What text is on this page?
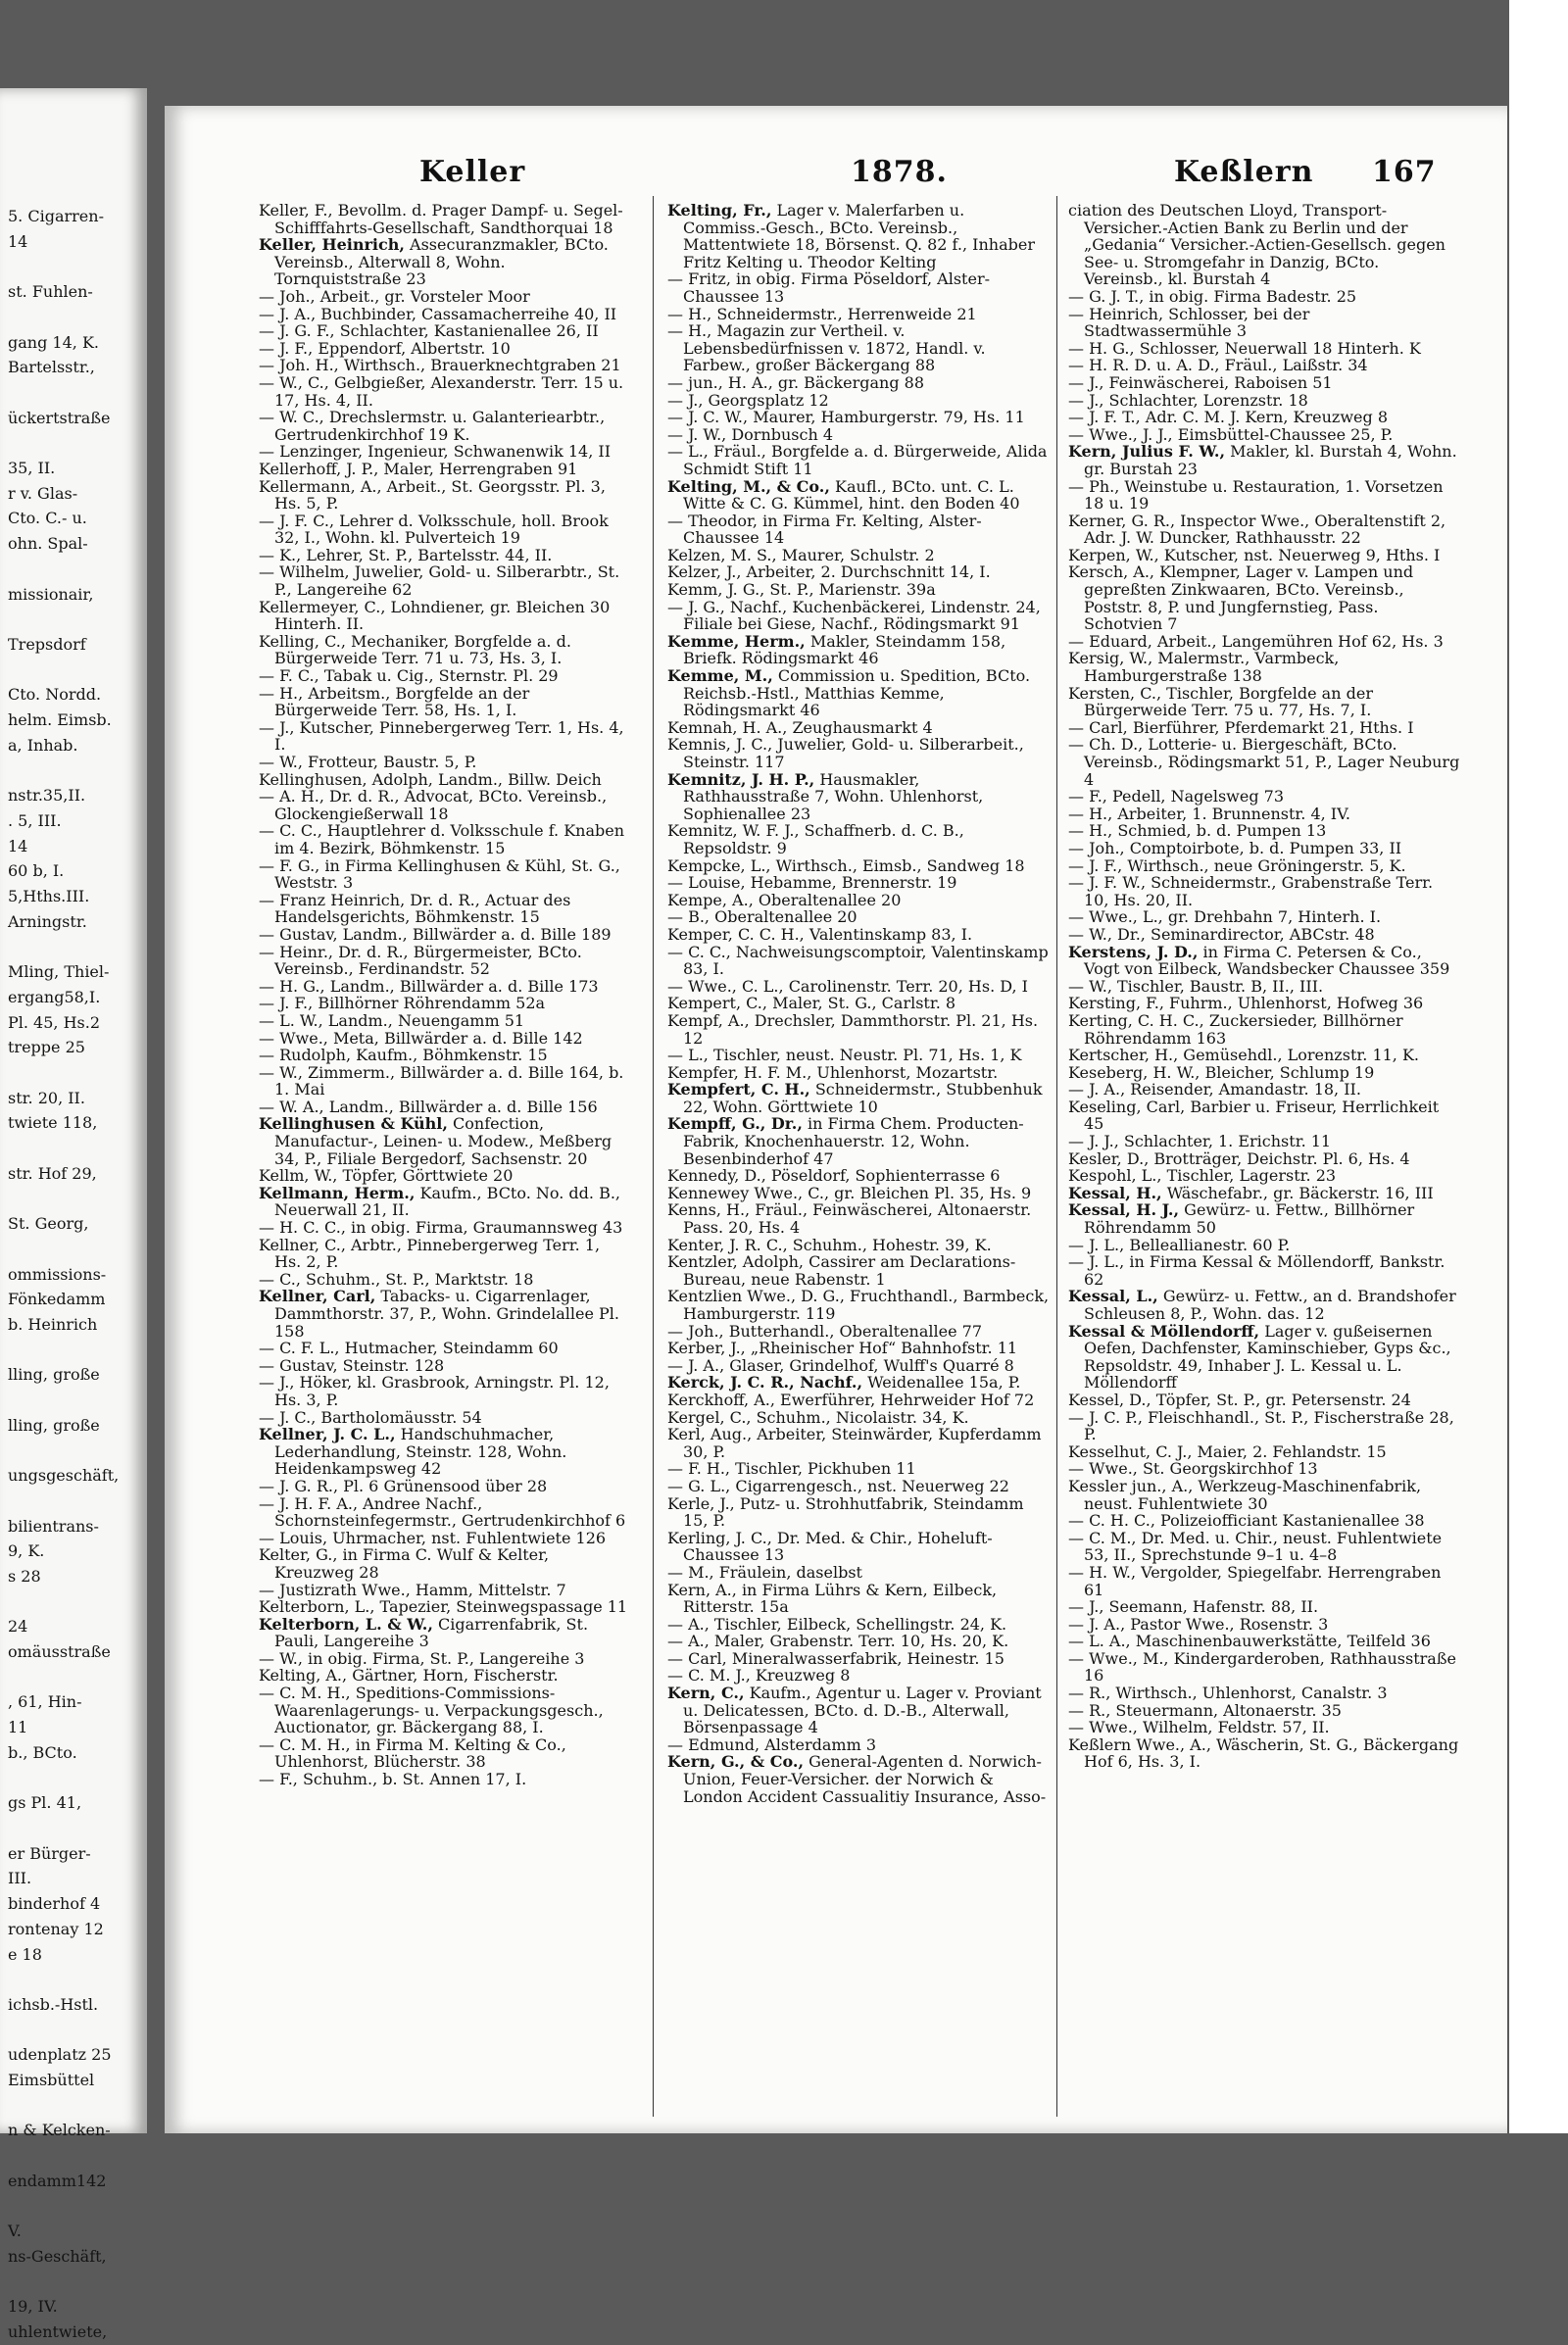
5. Cigarren-
14

st. Fuhlen-

gang 14, K.
Bartelsstr.,

ückertstraße

35, II.
r v. Glas-
Cto. C.- u.
ohn. Spal-

missionair,

Trepsdorf

Cto. Nordd.
helm. Eimsb.
a, Inhab.

nstr.35,II.
. 5, III.
14
60 b, I.
5,Hths.III.
Arningstr.

Mling, Thiel-
ergang58,I.
Pl. 45, Hs.2
treppe 25

str. 20, II.
twiete 118,

str. Hof 29,

St. Georg,

ommissions-
Fönkedamm
b. Heinrich

lling, große

lling, große

ungsgeschäft,

bilientrans-
9, K.
s 28

24
omäusstraße

, 61, Hin-
11
b., BCto.

gs Pl. 41,

er Bürger-
III.
binderhof 4
rontenay 12
e 18

ichsb.-Hstl.

udenplatz 25
Eimsbüttel

n & Kelcken-

endamm142

V.
ns-Geschäft,

19, IV.
uhlentwiete,
Keller	1878.	Keßlern 167

Keller, F., Bevollm. d. Prager Dampf- u. Segel-Schifffahrts-Gesellschaft, Sandthorquai 18

Keller, Heinrich, Assecuranzmakler, BCto. Vereinsb., Alterwall 8, Wohn. Tornquiststraße 23

— Joh., Arbeit., gr. Vorsteler Moor

— J. A., Buchbinder, Cassamacherreihe 40, II

— J. G. F., Schlachter, Kastanienallee 26, II

— J. F., Eppendorf, Albertstr. 10

— Joh. H., Wirthsch., Brauerknechtgraben 21

— W., C., Gelbgießer, Alexanderstr. Terr. 15 u. 17, Hs. 4, II.

— W. C., Drechslermstr. u. Galanteriearbtr., Gertrudenkirchhof 19 K.

— Lenzinger, Ingenieur, Schwanenwik 14, II

Kellerhoff, J. P., Maler, Herrengraben 91

Kellermann, A., Arbeit., St. Georgsstr. Pl. 3, Hs. 5, P.

— J. F. C., Lehrer d. Volksschule, holl. Brook 32, I., Wohn. kl. Pulverteich 19

— K., Lehrer, St. P., Bartelsstr. 44, II.

— Wilhelm, Juwelier, Gold- u. Silberarbtr., St. P., Langereihe 62

Kellermeyer, C., Lohndiener, gr. Bleichen 30 Hinterh. II.

Kelling, C., Mechaniker, Borgfelde a. d. Bürgerweide Terr. 71 u. 73, Hs. 3, I.

— F. C., Tabak u. Cig., Sternstr. Pl. 29

— H., Arbeitsm., Borgfelde an der Bürgerweide Terr. 58, Hs. 1, I.

— J., Kutscher, Pinnebergerweg Terr. 1, Hs. 4, I.

— W., Frotteur, Baustr. 5, P.

Kellinghusen, Adolph, Landm., Billw. Deich

— A. H., Dr. d. R., Advocat, BCto. Vereinsb., Glockengießerwall 18

— C. C., Hauptlehrer d. Volksschule f. Knaben im 4. Bezirk, Böhmkenstr. 15

— F. G., in Firma Kellinghusen & Kühl, St. G., Weststr. 3

— Franz Heinrich, Dr. d. R., Actuar des Handelsgerichts, Böhmkenstr. 15

— Gustav, Landm., Billwärder a. d. Bille 189

— Heinr., Dr. d. R., Bürgermeister, BCto. Vereinsb., Ferdinandstr. 52

— H. G., Landm., Billwärder a. d. Bille 173

— J. F., Billhörner Röhrendamm 52a

— L. W., Landm., Neuengamm 51

— Wwe., Meta, Billwärder a. d. Bille 142

— Rudolph, Kaufm., Böhmkenstr. 15

— W., Zimmerm., Billwärder a. d. Bille 164, b. 1. Mai

— W. A., Landm., Billwärder a. d. Bille 156

Kellinghusen & Kühl, Confection, Manufactur-, Leinen- u. Modew., Meßberg 34, P., Filiale Bergedorf, Sachsenstr. 20

Kellm, W., Töpfer, Görttwiete 20

Kellmann, Herm., Kaufm., BCto. No. dd. B., Neuerwall 21, II.

— H. C. C., in obig. Firma, Graumannsweg 43

Kellner, C., Arbtr., Pinnebergerweg Terr. 1, Hs. 2, P.

— C., Schuhm., St. P., Marktstr. 18

Kellner, Carl, Tabacks- u. Cigarrenlager, Dammthorstr. 37, P., Wohn. Grindelallee Pl. 158

— C. F. L., Hutmacher, Steindamm 60

— Gustav, Steinstr. 128

— J., Höker, kl. Grasbrook, Arningstr. Pl. 12, Hs. 3, P.

— J. C., Bartholomäusstr. 54

Kellner, J. C. L., Handschuhmacher, Lederhandlung, Steinstr. 128, Wohn. Heidenkampsweg 42

— J. G. R., Pl. 6 Grünensood über 28

— J. H. F. A., Andree Nachf., Schornsteinfegermstr., Gertrudenkirchhof 6

— Louis, Uhrmacher, nst. Fuhlentwiete 126

Kelter, G., in Firma C. Wulf & Kelter, Kreuzweg 28

— Justizrath Wwe., Hamm, Mittelstr. 7

Kelterborn, L., Tapezier, Steinwegspassage 11

Kelterborn, L. & W., Cigarrenfabrik, St. Pauli, Langereihe 3

— W., in obig. Firma, St. P., Langereihe 3

Kelting, A., Gärtner, Horn, Fischerstr.

— C. M. H., Speditions-Commissions-Waarenlagerungs- u. Verpackungsgesch., Auctionator, gr. Bäckergang 88, I.

— C. M. H., in Firma M. Kelting & Co., Uhlenhorst, Blücherstr. 38

— F., Schuhm., b. St. Annen 17, I.

Kelting, Fr., Lager v. Malerfarben u. Commiss.-Gesch., BCto. Vereinsb., Mattentwiete 18, Börsenst. Q. 82 f., Inhaber Fritz Kelting u. Theodor Kelting

— Fritz, in obig. Firma Pöseldorf, Alster-Chaussee 13

— H., Schneidermstr., Herrenweide 21

— H., Magazin zur Vertheil. v. Lebensbedürfnissen v. 1872, Handl. v. Farbew., großer Bäckergang 88

— jun., H. A., gr. Bäckergang 88

— J., Georgsplatz 12

— J. C. W., Maurer, Hamburgerstr. 79, Hs. 11

— J. W., Dornbusch 4

— L., Fräul., Borgfelde a. d. Bürgerweide, Alida Schmidt Stift 11

Kelting, M., & Co., Kaufl., BCto. unt. C. L. Witte & C. G. Kümmel, hint. den Boden 40

— Theodor, in Firma Fr. Kelting, Alster-Chaussee 14

Kelzen, M. S., Maurer, Schulstr. 2

Kelzer, J., Arbeiter, 2. Durchschnitt 14, I.

Kemm, J. G., St. P., Marienstr. 39a

— J. G., Nachf., Kuchenbäckerei, Lindenstr. 24, Filiale bei Giese, Nachf., Rödingsmarkt 91

Kemme, Herm., Makler, Steindamm 158, Briefk. Rödingsmarkt 46

Kemme, M., Commission u. Spedition, BCto. Reichsb.-Hstl., Matthias Kemme, Rödingsmarkt 46

Kemnah, H. A., Zeughausmarkt 4

Kemnis, J. C., Juwelier, Gold- u. Silberarbeit., Steinstr. 117

Kemnitz, J. H. P., Hausmakler, Rathhausstraße 7, Wohn. Uhlenhorst, Sophienallee 23

Kemnitz, W. F. J., Schaffnerb. d. C. B., Repsoldstr. 9

Kempcke, L., Wirthsch., Eimsb., Sandweg 18

— Louise, Hebamme, Brennerstr. 19

Kempe, A., Oberaltenallee 20

— B., Oberaltenallee 20

Kemper, C. C. H., Valentinskamp 83, I.

— C. C., Nachweisungscomptoir, Valentinskamp 83, I.

— Wwe., C. L., Carolinenstr. Terr. 20, Hs. D, I

Kempert, C., Maler, St. G., Carlstr. 8

Kempf, A., Drechsler, Dammthorstr. Pl. 21, Hs. 12

— L., Tischler, neust. Neustr. Pl. 71, Hs. 1, K

Kempfer, H. F. M., Uhlenhorst, Mozartstr.

Kempfert, C. H., Schneidermstr., Stubbenhuk 22, Wohn. Görttwiete 10

Kempff, G., Dr., in Firma Chem. Producten-Fabrik, Knochenhauerstr. 12, Wohn. Besenbinderhof 47

Kennedy, D., Pöseldorf, Sophienterrasse 6

Kennewey Wwe., C., gr. Bleichen Pl. 35, Hs. 9

Kenns, H., Fräul., Feinwäscherei, Altonaerstr. Pass. 20, Hs. 4

Kenter, J. R. C., Schuhm., Hohestr. 39, K.

Kentzler, Adolph, Cassirer am Declarations-Bureau, neue Rabenstr. 1

Kentzlien Wwe., D. G., Fruchthandl., Barmbeck, Hamburgerstr. 119

— Joh., Butterhandl., Oberaltenallee 77

Kerber, J., „Rheinischer Hof“ Bahnhofstr. 11

— J. A., Glaser, Grindelhof, Wulff's Quarré 8

Kerck, J. C. R., Nachf., Weidenallee 15a, P.

Kerckhoff, A., Ewerführer, Hehrweider Hof 72

Kergel, C., Schuhm., Nicolaistr. 34, K.

Kerl, Aug., Arbeiter, Steinwärder, Kupferdamm 30, P.

— F. H., Tischler, Pickhuben 11

— G. L., Cigarrengesch., nst. Neuerweg 22

Kerle, J., Putz- u. Strohhutfabrik, Steindamm 15, P.

Kerling, J. C., Dr. Med. & Chir., Hoheluft-Chaussee 13

— M., Fräulein, daselbst

Kern, A., in Firma Lührs & Kern, Eilbeck, Ritterstr. 15a

— A., Tischler, Eilbeck, Schellingstr. 24, K.

— A., Maler, Grabenstr. Terr. 10, Hs. 20, K.

— Carl, Mineralwasserfabrik, Heinestr. 15

— C. M. J., Kreuzweg 8

Kern, C., Kaufm., Agentur u. Lager v. Proviant u. Delicatessen, BCto. d. D.-B., Alterwall, Börsenpassage 4

— Edmund, Alsterdamm 3

Kern, G., & Co., General-Agenten d. Norwich-Union, Feuer-Versicher. der Norwich & London Accident Cassualitiy Insurance, Asso-

ciation des Deutschen Lloyd, Transport-Versicher.-Actien Bank zu Berlin und der „Gedania“ Versicher.-Actien-Gesellsch. gegen See- u. Stromgefahr in Danzig, BCto. Vereinsb., kl. Burstah 4

— G. J. T., in obig. Firma Badestr. 25

— Heinrich, Schlosser, bei der Stadtwassermühle 3

— H. G., Schlosser, Neuerwall 18 Hinterh. K

— H. R. D. u. A. D., Fräul., Laißstr. 34

— J., Feinwäscherei, Raboisen 51

— J., Schlachter, Lorenzstr. 18

— J. F. T., Adr. C. M. J. Kern, Kreuzweg 8

— Wwe., J. J., Eimsbüttel-Chaussee 25, P.

Kern, Julius F. W., Makler, kl. Burstah 4, Wohn. gr. Burstah 23

— Ph., Weinstube u. Restauration, 1. Vorsetzen 18 u. 19

Kerner, G. R., Inspector Wwe., Oberaltenstift 2, Adr. J. W. Duncker, Rathhausstr. 22

Kerpen, W., Kutscher, nst. Neuerweg 9, Hths. I

Kersch, A., Klempner, Lager v. Lampen und gepreßten Zinkwaaren, BCto. Vereinsb., Poststr. 8, P. und Jungfernstieg, Pass. Schotvien 7

— Eduard, Arbeit., Langemühren Hof 62, Hs. 3

Kersig, W., Malermstr., Varmbeck, Hamburgerstraße 138

Kersten, C., Tischler, Borgfelde an der Bürgerweide Terr. 75 u. 77, Hs. 7, I.

— Carl, Bierführer, Pferdemarkt 21, Hths. I

— Ch. D., Lotterie- u. Biergeschäft, BCto. Vereinsb., Rödingsmarkt 51, P., Lager Neuburg 4

— F., Pedell, Nagelsweg 73

— H., Arbeiter, 1. Brunnenstr. 4, IV.

— H., Schmied, b. d. Pumpen 13

— Joh., Comptoirbote, b. d. Pumpen 33, II

— J. F., Wirthsch., neue Gröningerstr. 5, K.

— J. F. W., Schneidermstr., Grabenstraße Terr. 10, Hs. 20, II.

— Wwe., L., gr. Drehbahn 7, Hinterh. I.

— W., Dr., Seminardirector, ABCstr. 48

Kerstens, J. D., in Firma C. Petersen & Co., Vogt von Eilbeck, Wandsbecker Chaussee 359

— W., Tischler, Baustr. B, II., III.

Kersting, F., Fuhrm., Uhlenhorst, Hofweg 36

Kerting, C. H. C., Zuckersieder, Billhörner Röhrendamm 163

Kertscher, H., Gemüsehdl., Lorenzstr. 11, K.

Keseberg, H. W., Bleicher, Schlump 19

— J. A., Reisender, Amandastr. 18, II.

Keseling, Carl, Barbier u. Friseur, Herrlichkeit 45

— J. J., Schlachter, 1. Erichstr. 11

Kesler, D., Brotträger, Deichstr. Pl. 6, Hs. 4

Kespohl, L., Tischler, Lagerstr. 23

Kessal, H., Wäschefabr., gr. Bäckerstr. 16, III

Kessal, H. J., Gewürz- u. Fettw., Billhörner Röhrendamm 50

— J. L., Belleallianestr. 60 P.

— J. L., in Firma Kessal & Möllendorff, Bankstr. 62

Kessal, L., Gewürz- u. Fettw., an d. Brandshofer Schleusen 8, P., Wohn. das. 12

Kessal & Möllendorff, Lager v. gußeisernen Oefen, Dachfenster, Kaminschieber, Gyps &c., Repsoldstr. 49, Inhaber J. L. Kessal u. L. Möllendorff

Kessel, D., Töpfer, St. P., gr. Petersenstr. 24

— J. C. P., Fleischhandl., St. P., Fischerstraße 28, P.

Kesselhut, C. J., Maier, 2. Fehlandstr. 15

— Wwe., St. Georgskirchhof 13

Kessler jun., A., Werkzeug-Maschinenfabrik, neust. Fuhlentwiete 30

— C. H. C., Polizeiofficiant Kastanienallee 38

— C. M., Dr. Med. u. Chir., neust. Fuhlentwiete 53, II., Sprechstunde 9–1 u. 4–8

— H. W., Vergolder, Spiegelfabr. Herrengraben 61

— J., Seemann, Hafenstr. 88, II.

— J. A., Pastor Wwe., Rosenstr. 3

— L. A., Maschinenbauwerkstätte, Teilfeld 36

— Wwe., M., Kindergarderoben, Rathhausstraße 16

— R., Wirthsch., Uhlenhorst, Canalstr. 3

— R., Steuermann, Altonaerstr. 35

— Wwe., Wilhelm, Feldstr. 57, II.

Keßlern Wwe., A., Wäscherin, St. G., Bäckergang Hof 6, Hs. 3, I.
